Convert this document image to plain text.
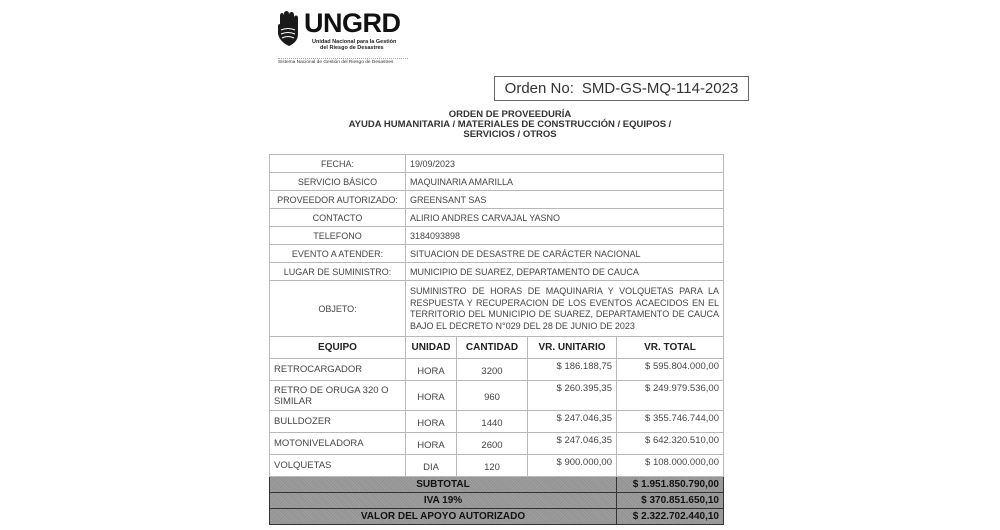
UNGRD
Unidad Nacional para la Gestión
del Riesgo de Desastres
Sistema Nacional de Gestión del Riesgo de Desastres
Orden No: SMD-GS-MQ-114-2023
ORDEN DE PROVEEDURÍA
AYUDA HUMANITARIA / MATERIALES DE CONSTRUCCIÓN / EQUIPOS /
SERVICIOS / OTROS
FECHA:	19/09/2023
SERVICIO BÁSICO	MAQUINARIA AMARILLA
PROVEEDOR AUTORIZADO:	GREENSANT SAS
CONTACTO	ALIRIO ANDRES CARVAJAL YASNO
TELEFONO	3184093898
EVENTO A ATENDER:	SITUACION DE DESASTRE DE CARÁCTER NACIONAL
LUGAR DE SUMINISTRO:	MUNICIPIO DE SUAREZ, DEPARTAMENTO DE CAUCA
OBJETO:	SUMINISTRO DE HORAS DE MAQUINARIA Y VOLQUETAS PARA LA RESPUESTA Y RECUPERACION DE LOS EVENTOS ACAECIDOS EN EL TERRITORIO DEL MUNICIPIO DE SUAREZ, DEPARTAMENTO DE CAUCA BAJO EL DECRETO N°029 DEL 28 DE JUNIO DE 2023
EQUIPO	UNIDAD	CANTIDAD	VR. UNITARIO	VR. TOTAL
RETROCARGADOR	HORA	3200	$ 186.188,75	$ 595.804.000,00
RETRO DE ORUGA 320 O SIMILAR	HORA	960	$ 260.395,35	$ 249.979.536,00
BULLDOZER	HORA	1440	$ 247.046,35	$ 355.746.744,00
MOTONIVELADORA	HORA	2600	$ 247.046,35	$ 642.320.510,00
VOLQUETAS	DIA	120	$ 900.000,00	$ 108.000.000,00
SUBTOTAL				$ 1.951.850.790,00
IVA 19%				$ 370.851.650,10
VALOR DEL APOYO AUTORIZADO				$ 2.322.702.440,10
